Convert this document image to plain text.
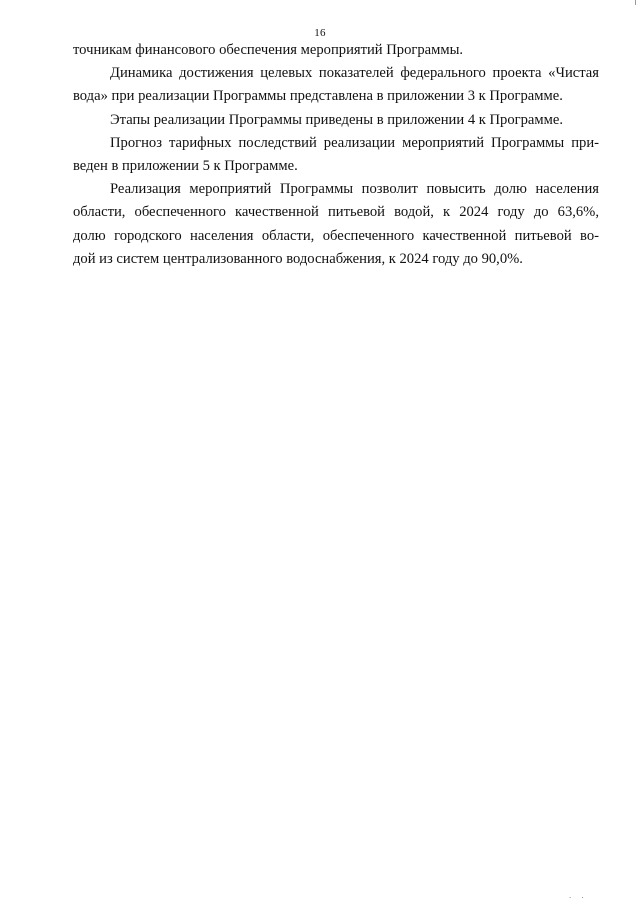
16

точникам финансового обеспечения мероприятий Программы.

Динамика достижения целевых показателей федерального проекта «Чистая
вода» при реализации Программы представлена в приложении 3 к Программе.

Этапы реализации Программы приведены в приложении 4 к Программе.

Прогноз тарифных последствий реализации мероприятий Программы при-
веден в приложении 5 к Программе.

Реализация мероприятий Программы позволит повысить долю населения
области, обеспеченного качественной питьевой водой, к 2024 году до 63,6%,
долю городского населения области, обеспеченного качественной питьевой во-
дой из систем централизованного водоснабжения, к 2024 году до 90,0%.

· ·
